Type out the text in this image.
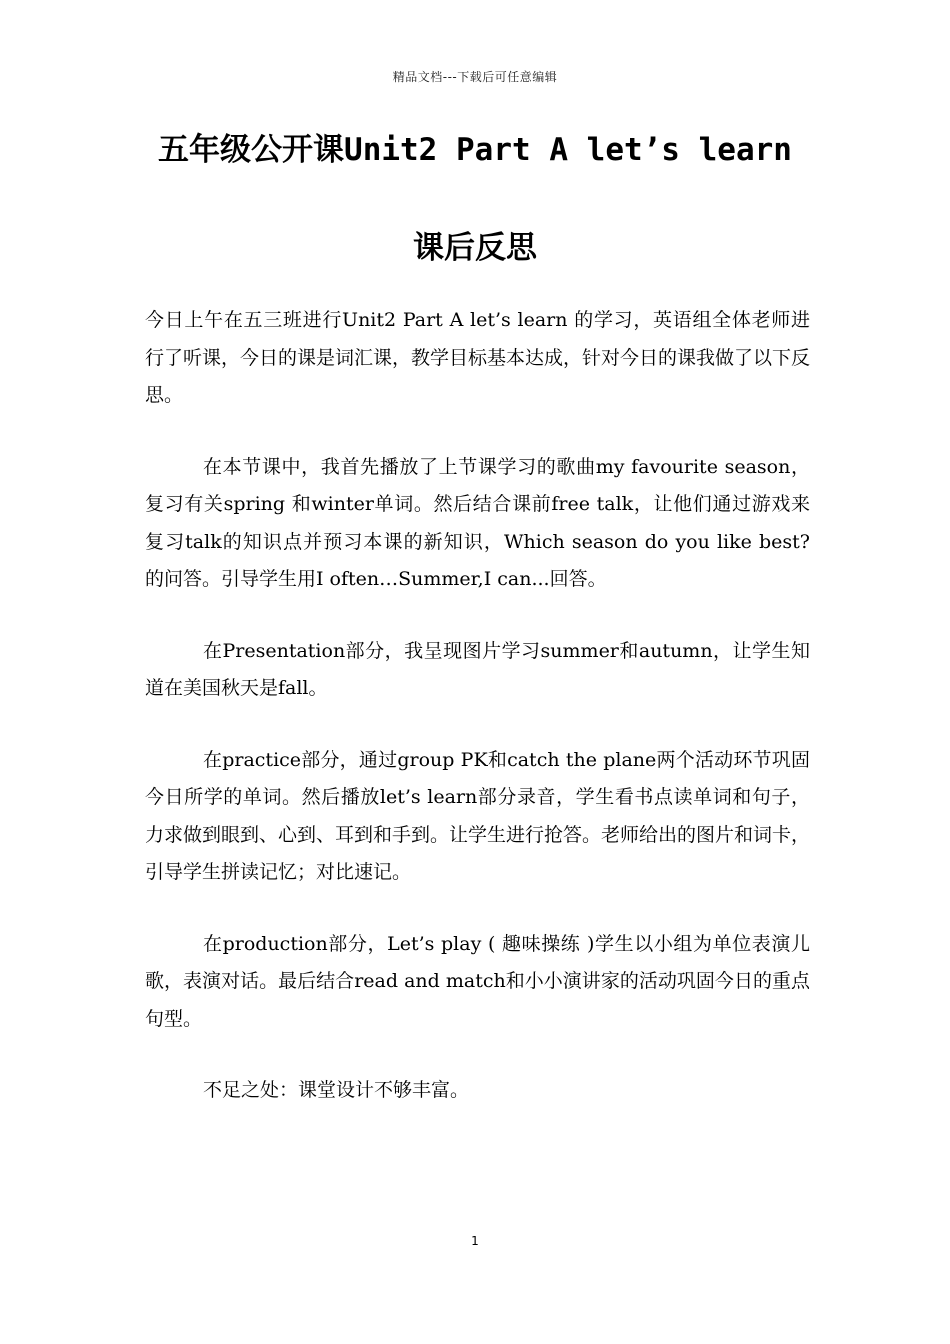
精品文档---下载后可任意编辑
五年级公开课Unit2 Part A let’s learn
课后反思

今日上午在五三班进行Unit2 Part A let’s learn 的学习，英语组全体老师进行了听课，今日的课是词汇课，教学目标基本达成，针对今日的课我做了以下反思。

在本节课中，我首先播放了上节课学习的歌曲my favourite season，复习有关spring 和winter单词。然后结合课前free talk，让他们通过游戏来复习talk的知识点并预习本课的新知识，Which season do you like best? 的问答。引导学生用I often…Summer,I can...回答。

在Presentation部分，我呈现图片学习summer和autumn，让学生知道在美国秋天是fall。

在practice部分，通过group PK和catch the plane两个活动环节巩固今日所学的单词。然后播放let’s learn部分录音，学生看书点读单词和句子，力求做到眼到、心到、耳到和手到。让学生进行抢答。老师给出的图片和词卡，引导学生拼读记忆；对比速记。

在production部分，Let’s play ( 趣味操练 )学生以小组为单位表演儿歌，表演对话。最后结合read and match和小小演讲家的活动巩固今日的重点句型。

不足之处：课堂设计不够丰富。

1
